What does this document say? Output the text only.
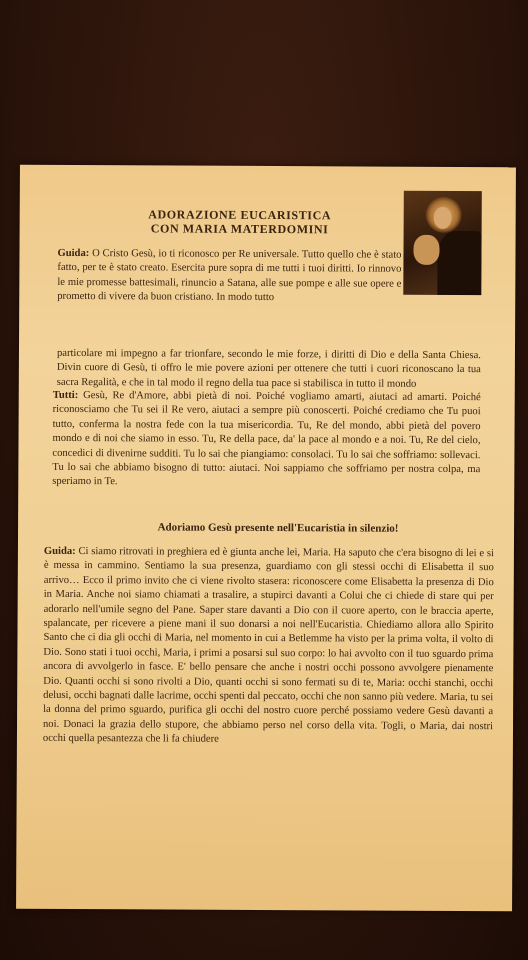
ADORAZIONE EUCARISTICA
CON MARIA MATERDOMINI
Guida: O Cristo Gesù, io ti riconosco per Re universale. Tutto quello che è stato fatto, per te è stato creato. Esercita pure sopra di me tutti i tuoi diritti. Io rinnovo le mie promesse battesimali, rinuncio a Satana, alle sue pompe e alle sue opere e prometto di vivere da buon cristiano. In modo tutto
particolare mi impegno a far trionfare, secondo le mie forze, i diritti di Dio e della Santa Chiesa. Divin cuore di Gesù, ti offro le mie povere azioni per ottenere che tutti i cuori riconoscano la tua sacra Regalità, e che in tal modo il regno della tua pace si stabilisca in tutto il mondo
Tutti: Gesù, Re d'Amore, abbi pietà di noi. Poiché vogliamo amarti, aiutaci ad amarti. Poiché riconosciamo che Tu sei il Re vero, aiutaci a sempre più conoscerti. Poiché crediamo che Tu puoi tutto, conferma la nostra fede con la tua misericordia. Tu, Re del mondo, abbi pietà del povero mondo e di noi che siamo in esso. Tu, Re della pace, da' la pace al mondo e a noi. Tu, Re del cielo, concedici di divenirne sudditi. Tu lo sai che piangiamo: consolaci. Tu lo sai che soffriamo: sollevaci. Tu lo sai che abbiamo bisogno di tutto: aiutaci. Noi sappiamo che soffriamo per nostra colpa, ma speriamo in Te.
Adoriamo Gesù presente nell'Eucaristia in silenzio!
Guida: Ci siamo ritrovati in preghiera ed è giunta anche lei, Maria. Ha saputo che c'era bisogno di lei e si è messa in cammino. Sentiamo la sua presenza, guardiamo con gli stessi occhi di Elisabetta il suo arrivo… Ecco il primo invito che ci viene rivolto stasera: riconoscere come Elisabetta la presenza di Dio in Maria. Anche noi siamo chiamati a trasalire, a stupirci davanti a Colui che ci chiede di stare qui per adorarlo nell'umile segno del Pane. Saper stare davanti a Dio con il cuore aperto, con le braccia aperte, spalancate, per ricevere a piene mani il suo donarsi a noi nell'Eucaristia. Chiediamo allora allo Spirito Santo che ci dia gli occhi di Maria, nel momento in cui a Betlemme ha visto per la prima volta, il volto di Dio. Sono stati i tuoi occhi, Maria, i primi a posarsi sul suo corpo: lo hai avvolto con il tuo sguardo prima ancora di avvolgerlo in fasce. E' bello pensare che anche i nostri occhi possono avvolgere pienamente Dio. Quanti occhi si sono rivolti a Dio, quanti occhi si sono fermati su di te, Maria: occhi stanchi, occhi delusi, occhi bagnati dalle lacrime, occhi spenti dal peccato, occhi che non sanno più vedere. Maria, tu sei la donna del primo sguardo, purifica gli occhi del nostro cuore perché possiamo vedere Gesù davanti a noi. Donaci la grazia dello stupore, che abbiamo perso nel corso della vita. Togli, o Maria, dai nostri occhi quella pesantezza che li fa chiudere
